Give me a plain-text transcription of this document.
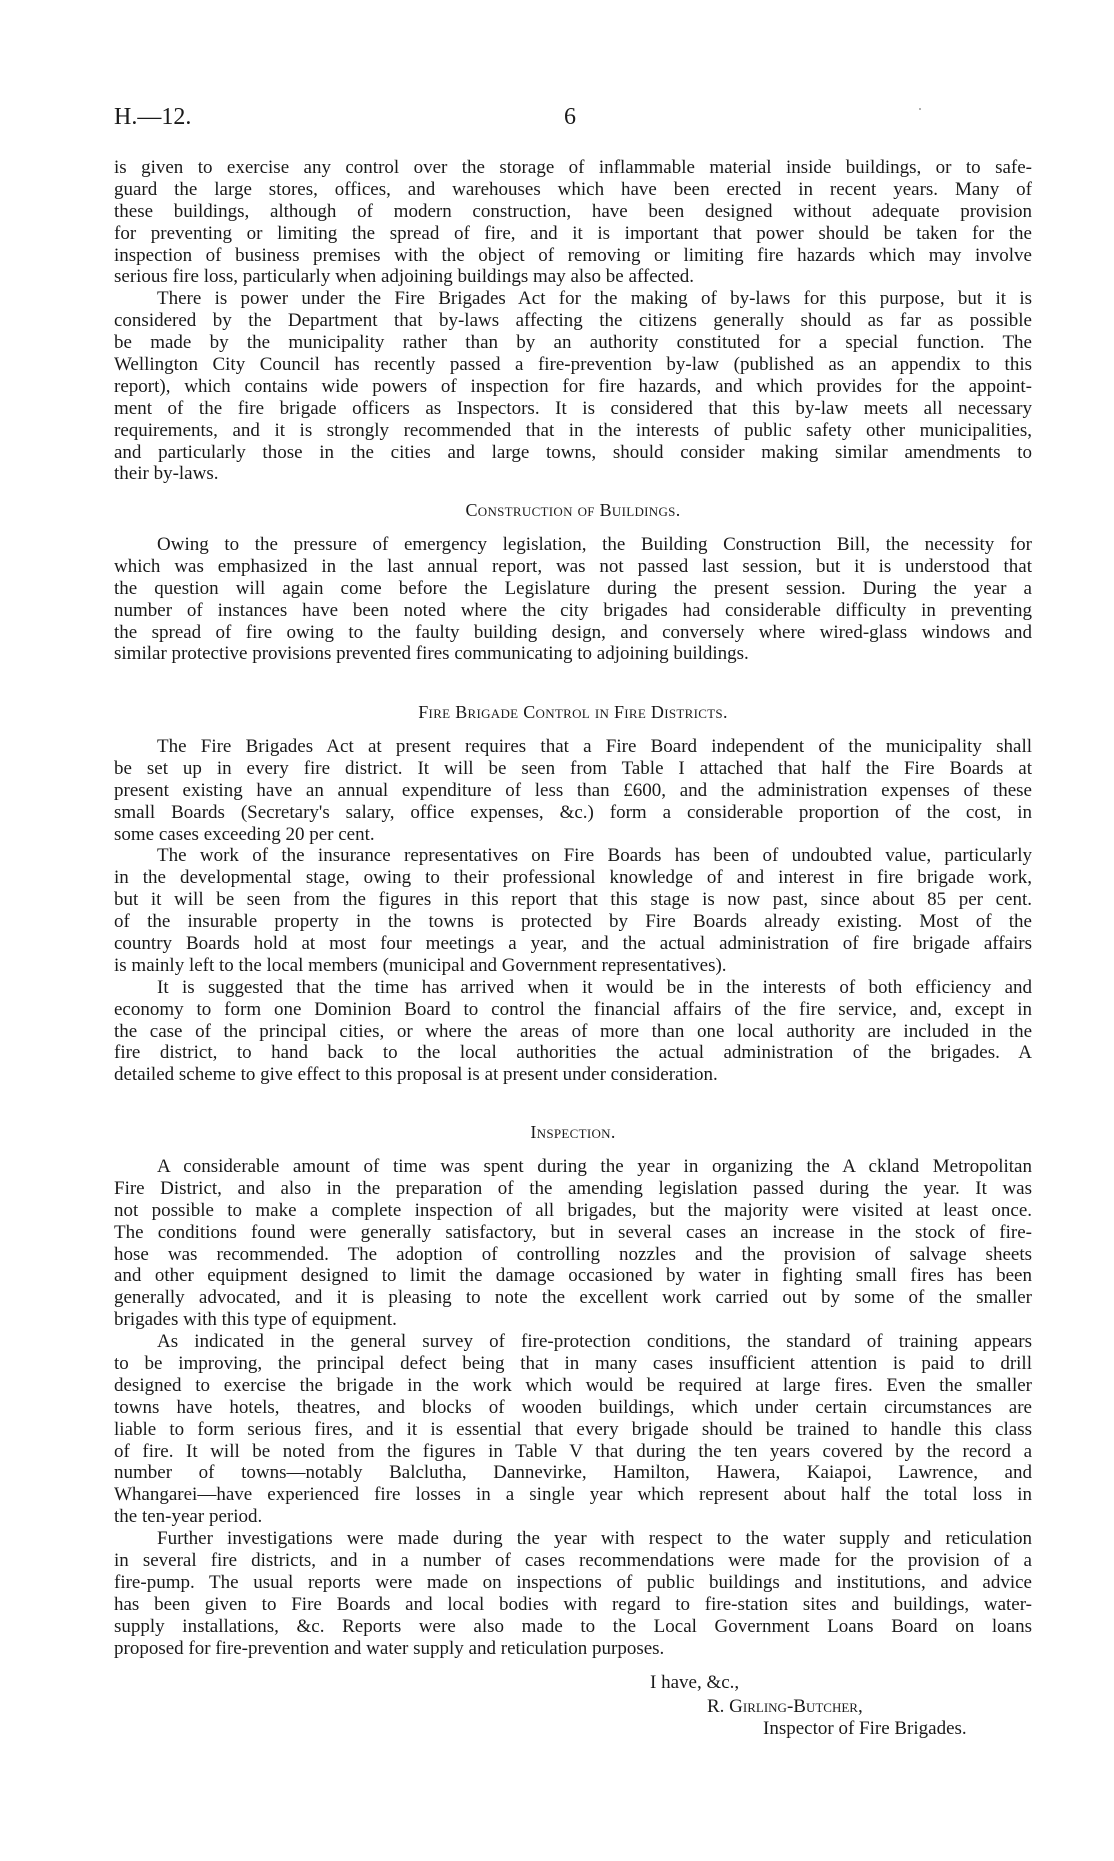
H.—12.	6
is given to exercise any control over the storage of inflammable material inside buildings, or to safe-
guard the large stores, offices, and warehouses which have been erected in recent years. Many of
these buildings, although of modern construction, have been designed without adequate provision
for preventing or limiting the spread of fire, and it is important that power should be taken for the
inspection of business premises with the object of removing or limiting fire hazards which may involve
serious fire loss, particularly when adjoining buildings may also be affected.
There is power under the Fire Brigades Act for the making of by-laws for this purpose, but it is
considered by the Department that by-laws affecting the citizens generally should as far as possible
be made by the municipality rather than by an authority constituted for a special function. The
Wellington City Council has recently passed a fire-prevention by-law (published as an appendix to this
report), which contains wide powers of inspection for fire hazards, and which provides for the appoint-
ment of the fire brigade officers as Inspectors. It is considered that this by-law meets all necessary
requirements, and it is strongly recommended that in the interests of public safety other municipalities,
and particularly those in the cities and large towns, should consider making similar amendments to
their by-laws.
Construction of Buildings.
Owing to the pressure of emergency legislation, the Building Construction Bill, the necessity for
which was emphasized in the last annual report, was not passed last session, but it is understood that
the question will again come before the Legislature during the present session. During the year a
number of instances have been noted where the city brigades had considerable difficulty in preventing
the spread of fire owing to the faulty building design, and conversely where wired-glass windows and
similar protective provisions prevented fires communicating to adjoining buildings.
Fire Brigade Control in Fire Districts.
The Fire Brigades Act at present requires that a Fire Board independent of the municipality shall
be set up in every fire district. It will be seen from Table I attached that half the Fire Boards at
present existing have an annual expenditure of less than £600, and the administration expenses of these
small Boards (Secretary's salary, office expenses, &c.) form a considerable proportion of the cost, in
some cases exceeding 20 per cent.
The work of the insurance representatives on Fire Boards has been of undoubted value, particularly
in the developmental stage, owing to their professional knowledge of and interest in fire brigade work,
but it will be seen from the figures in this report that this stage is now past, since about 85 per cent.
of the insurable property in the towns is protected by Fire Boards already existing. Most of the
country Boards hold at most four meetings a year, and the actual administration of fire brigade affairs
is mainly left to the local members (municipal and Government representatives).
It is suggested that the time has arrived when it would be in the interests of both efficiency and
economy to form one Dominion Board to control the financial affairs of the fire service, and, except in
the case of the principal cities, or where the areas of more than one local authority are included in the
fire district, to hand back to the local authorities the actual administration of the brigades. A
detailed scheme to give effect to this proposal is at present under consideration.
Inspection.
A considerable amount of time was spent during the year in organizing the A ckland Metropolitan
Fire District, and also in the preparation of the amending legislation passed during the year. It was
not possible to make a complete inspection of all brigades, but the majority were visited at least once.
The conditions found were generally satisfactory, but in several cases an increase in the stock of fire-
hose was recommended. The adoption of controlling nozzles and the provision of salvage sheets
and other equipment designed to limit the damage occasioned by water in fighting small fires has been
generally advocated, and it is pleasing to note the excellent work carried out by some of the smaller
brigades with this type of equipment.
As indicated in the general survey of fire-protection conditions, the standard of training appears
to be improving, the principal defect being that in many cases insufficient attention is paid to drill
designed to exercise the brigade in the work which would be required at large fires. Even the smaller
towns have hotels, theatres, and blocks of wooden buildings, which under certain circumstances are
liable to form serious fires, and it is essential that every brigade should be trained to handle this class
of fire. It will be noted from the figures in Table V that during the ten years covered by the record a
number of towns—notably Balclutha, Dannevirke, Hamilton, Hawera, Kaiapoi, Lawrence, and
Whangarei—have experienced fire losses in a single year which represent about half the total loss in
the ten-year period.
Further investigations were made during the year with respect to the water supply and reticulation
in several fire districts, and in a number of cases recommendations were made for the provision of a
fire-pump. The usual reports were made on inspections of public buildings and institutions, and advice
has been given to Fire Boards and local bodies with regard to fire-station sites and buildings, water-
supply installations, &c. Reports were also made to the Local Government Loans Board on loans
proposed for fire-prevention and water supply and reticulation purposes.
I have, &c.,
R. Girling-Butcher,
Inspector of Fire Brigades.
